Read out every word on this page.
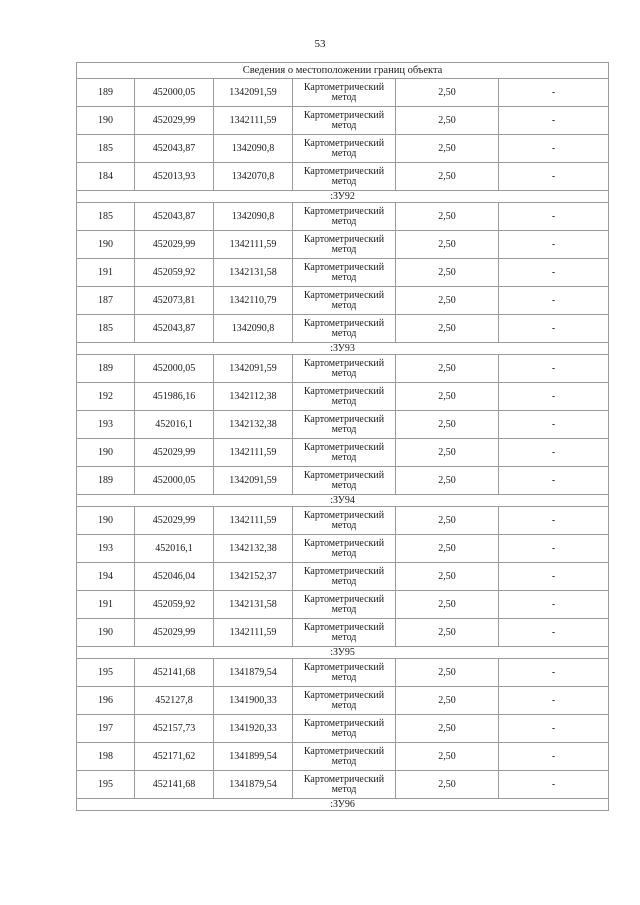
53
Сведения о местоположении границ объекта					
189	452000,05	1342091,59	Картометрический метод	2,50	-
190	452029,99	1342111,59	Картометрический метод	2,50	-
185	452043,87	1342090,8	Картометрический метод	2,50	-
184	452013,93	1342070,8	Картометрический метод	2,50	-
:ЗУ92					
185	452043,87	1342090,8	Картометрический метод	2,50	-
190	452029,99	1342111,59	Картометрический метод	2,50	-
191	452059,92	1342131,58	Картометрический метод	2,50	-
187	452073,81	1342110,79	Картометрический метод	2,50	-
185	452043,87	1342090,8	Картометрический метод	2,50	-
:ЗУ93					
189	452000,05	1342091,59	Картометрический метод	2,50	-
192	451986,16	1342112,38	Картометрический метод	2,50	-
193	452016,1	1342132,38	Картометрический метод	2,50	-
190	452029,99	1342111,59	Картометрический метод	2,50	-
189	452000,05	1342091,59	Картометрический метод	2,50	-
:ЗУ94					
190	452029,99	1342111,59	Картометрический метод	2,50	-
193	452016,1	1342132,38	Картометрический метод	2,50	-
194	452046,04	1342152,37	Картометрический метод	2,50	-
191	452059,92	1342131,58	Картометрический метод	2,50	-
190	452029,99	1342111,59	Картометрический метод	2,50	-
:ЗУ95					
195	452141,68	1341879,54	Картометрический метод	2,50	-
196	452127,8	1341900,33	Картометрический метод	2,50	-
197	452157,73	1341920,33	Картометрический метод	2,50	-
198	452171,62	1341899,54	Картометрический метод	2,50	-
195	452141,68	1341879,54	Картометрический метод	2,50	-
:ЗУ96					
